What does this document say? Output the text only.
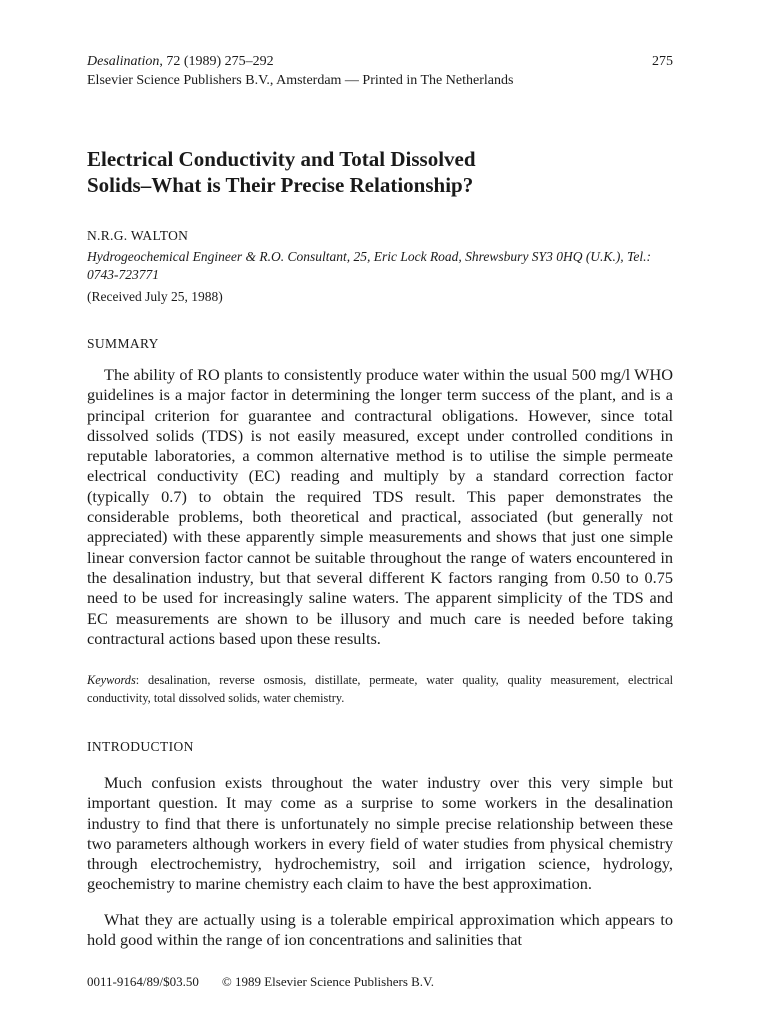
Desalination, 72 (1989) 275–292	275
Elsevier Science Publishers B.V., Amsterdam — Printed in The Netherlands
Electrical Conductivity and Total Dissolved
Solids–What is Their Precise Relationship?
N.R.G. WALTON
Hydrogeochemical Engineer & R.O. Consultant, 25, Eric Lock Road, Shrewsbury SY3 0HQ (U.K.), Tel.: 0743-723771
(Received July 25, 1988)
SUMMARY

The ability of RO plants to consistently produce water within the usual 500 mg/l WHO guidelines is a major factor in determining the longer term success of the plant, and is a principal criterion for guarantee and contractural obligations. However, since total dissolved solids (TDS) is not easily measured, except under controlled conditions in reputable laboratories, a common alternative method is to utilise the simple permeate electrical conductivity (EC) reading and multiply by a standard correction factor (typically 0.7) to obtain the required TDS result. This paper demonstrates the considerable problems, both theoretical and practical, associated (but generally not appreciated) with these apparently simple measurements and shows that just one simple linear conversion factor cannot be suitable throughout the range of waters encountered in the desalination industry, but that several different K factors ranging from 0.50 to 0.75 need to be used for increasingly saline waters. The apparent simplicity of the TDS and EC measurements are shown to be illusory and much care is needed before taking contractural actions based upon these results.

Keywords: desalination, reverse osmosis, distillate, permeate, water quality, quality measurement, electrical conductivity, total dissolved solids, water chemistry.
INTRODUCTION

Much confusion exists throughout the water industry over this very simple but important question. It may come as a surprise to some workers in the desalination industry to find that there is unfortunately no simple precise relationship between these two parameters although workers in every field of water studies from physical chemistry through electrochemistry, hydrochemistry, soil and irrigation science, hydrology, geochemistry to marine chemistry each claim to have the best approximation.

What they are actually using is a tolerable empirical approximation which appears to hold good within the range of ion concentrations and salinities that

0011-9164/89/$03.50 © 1989 Elsevier Science Publishers B.V.
